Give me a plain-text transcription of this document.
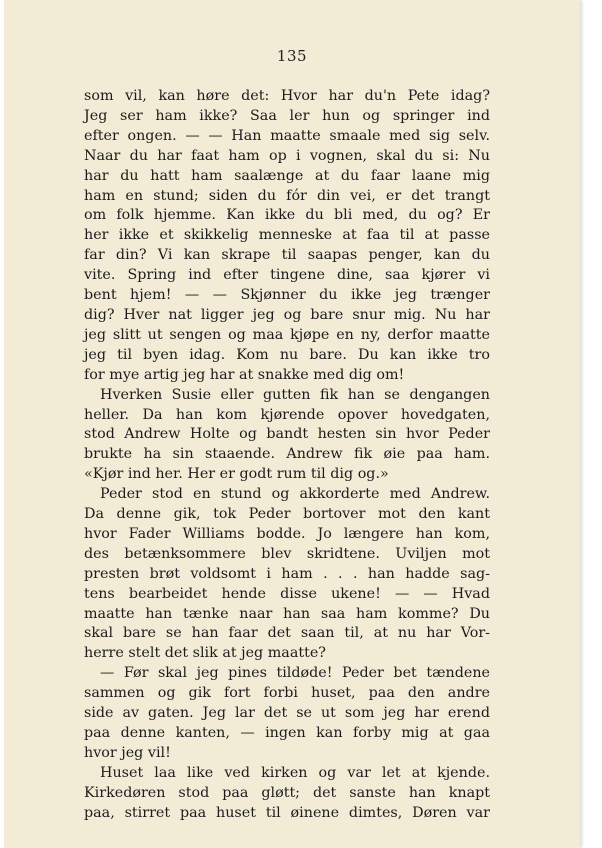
135
som vil, kan høre det: Hvor har du'n Pete idag?
Jeg ser ham ikke? Saa ler hun og springer ind
efter ongen. — — Han maatte smaale med sig selv.
Naar du har faat ham op i vognen, skal du si: Nu
har du hatt ham saalænge at du faar laane mig
ham en stund; siden du fór din vei, er det trangt
om folk hjemme. Kan ikke du bli med, du og? Er
her ikke et skikkelig menneske at faa til at passe
far din? Vi kan skrape til saapas penger, kan du
vite. Spring ind efter tingene dine, saa kjører vi
bent hjem! — — Skjønner du ikke jeg trænger
dig? Hver nat ligger jeg og bare snur mig. Nu har
jeg slitt ut sengen og maa kjøpe en ny, derfor maatte
jeg til byen idag. Kom nu bare. Du kan ikke tro
for mye artig jeg har at snakke med dig om!
Hverken Susie eller gutten fik han se dengangen
heller. Da han kom kjørende opover hovedgaten,
stod Andrew Holte og bandt hesten sin hvor Peder
brukte ha sin staaende. Andrew fik øie paa ham.
«Kjør ind her. Her er godt rum til dig og.»
Peder stod en stund og akkorderte med Andrew.
Da denne gik, tok Peder bortover mot den kant
hvor Fader Williams bodde. Jo længere han kom,
des betænksommere blev skridtene. Uviljen mot
presten brøt voldsomt i ham . . . han hadde sag-
tens bearbeidet hende disse ukene! — — Hvad
maatte han tænke naar han saa ham komme? Du
skal bare se han faar det saan til, at nu har Vor-
herre stelt det slik at jeg maatte?
— Før skal jeg pines tildøde! Peder bet tændene
sammen og gik fort forbi huset, paa den andre
side av gaten. Jeg lar det se ut som jeg har erend
paa denne kanten, — ingen kan forby mig at gaa
hvor jeg vil!
Huset laa like ved kirken og var let at kjende.
Kirkedøren stod paa gløtt; det sanste han knapt
paa, stirret paa huset til øinene dimtes, Døren var
